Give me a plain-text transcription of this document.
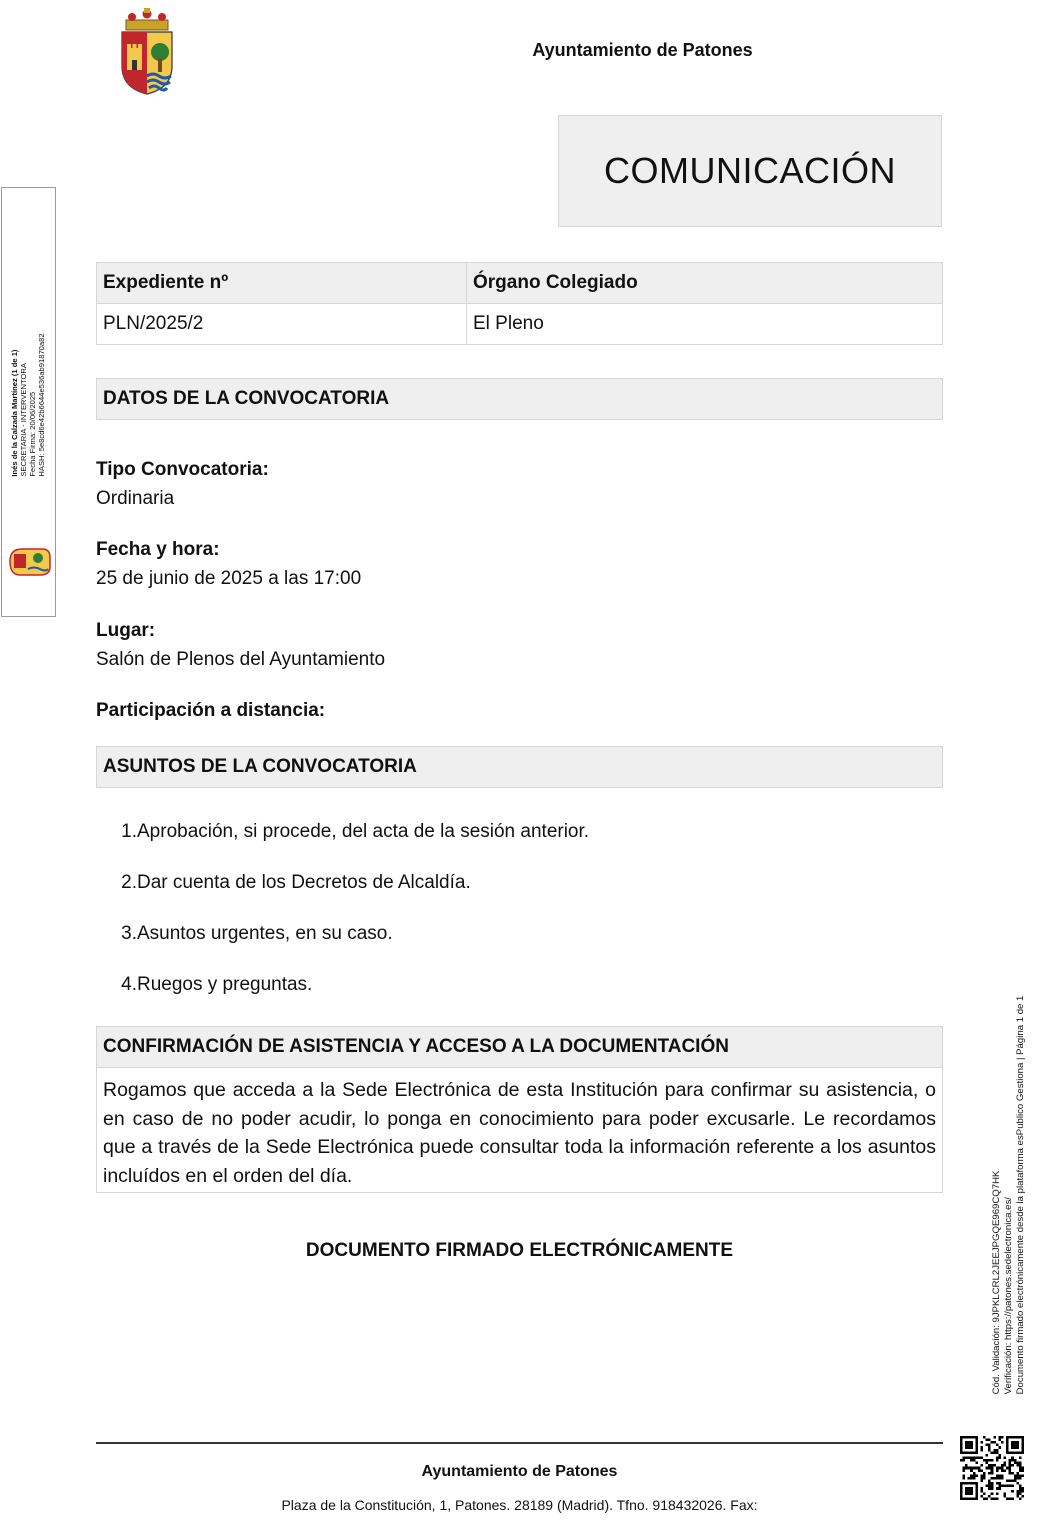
Ayuntamiento de Patones
COMUNICACIÓN
Expediente nº	Órgano Colegiado
PLN/2025/2	El Pleno
DATOS DE LA CONVOCATORIA
Tipo Convocatoria:
Ordinaria
Fecha y hora:
25 de junio de 2025 a las 17:00
Lugar:
Salón de Plenos del Ayuntamiento
Participación a distancia:
ASUNTOS DE LA CONVOCATORIA
1. Aprobación, si procede, del acta de la sesión anterior.
2. Dar cuenta de los Decretos de Alcaldía.
3. Asuntos urgentes, en su caso.
4. Ruegos y preguntas.
CONFIRMACIÓN DE ASISTENCIA Y ACCESO A LA DOCUMENTACIÓN
Rogamos que acceda a la Sede Electrónica de esta Institución para confirmar su asistencia, o en caso de no poder acudir, lo ponga en conocimiento para poder excusarle. Le recordamos que a través de la Sede Electrónica puede consultar toda la información referente a los asuntos incluídos en el orden del día.
DOCUMENTO FIRMADO ELECTRÓNICAMENTE
Ayuntamiento de Patones
Plaza de la Constitución, 1, Patones. 28189 (Madrid). Tfno. 918432026. Fax:
Inés de la Calzada Martínez (1 de 1) SECRETARIA - INTERVENTORA Fecha Firma: 20/06/2025 HASH: 5e8cd6e42b6644e536ab91870a82
Cód. Validación: 9JPKLCRL2JEEJPGQE969CQ7HK Verificación: https://patones.sedelectronica.es/ Documento firmado electrónicamente desde la plataforma esPublico Gestiona | Página 1 de 1
